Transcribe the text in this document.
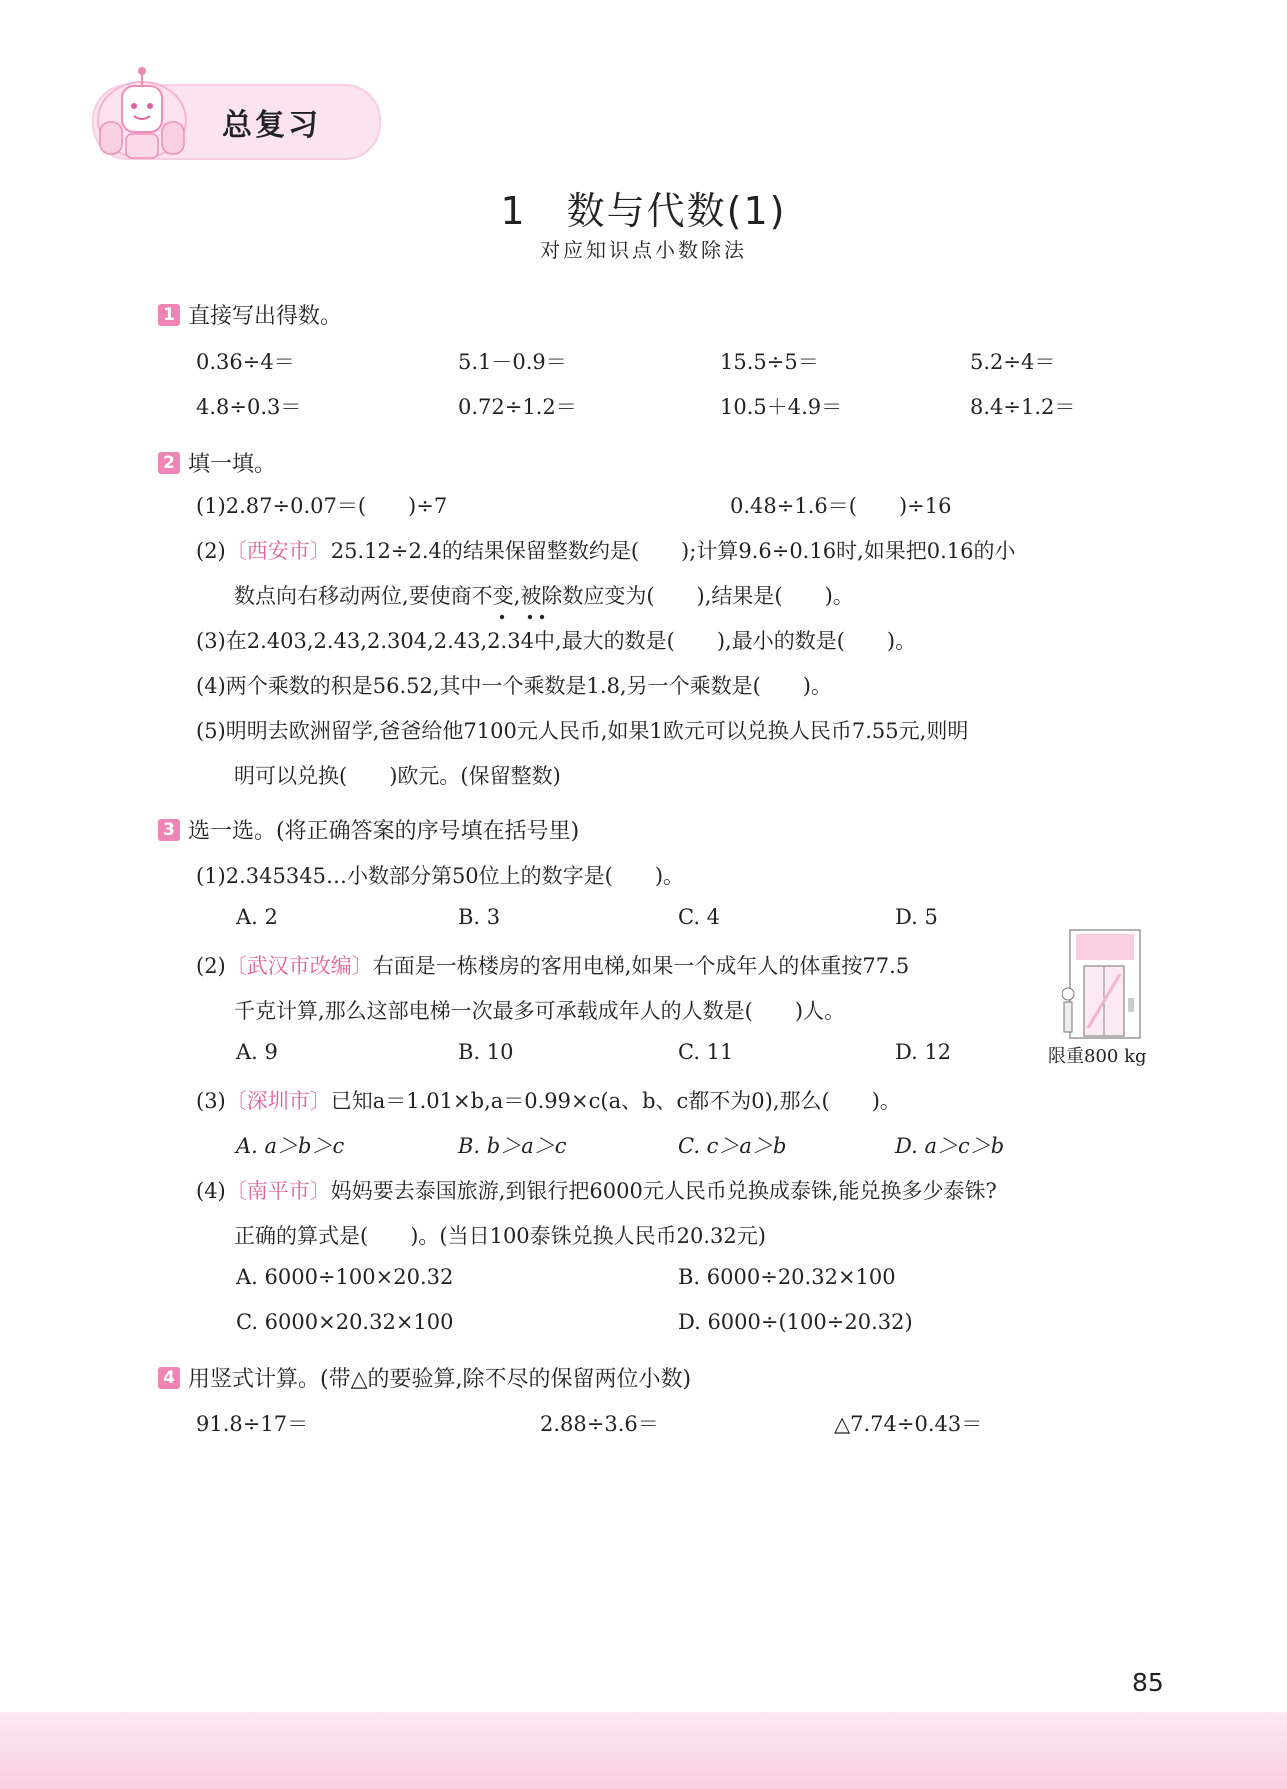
总复习
1　数与代数(1)
对应知识点小数除法
1 直接写出得数。
0.36÷4＝	5.1－0.9＝	15.5÷5＝	5.2÷4＝
4.8÷0.3＝	0.72÷1.2＝	10.5＋4.9＝	8.4÷1.2＝
2 填一填。
(1)2.87÷0.07＝(　　)÷7	0.48÷1.6＝(　　)÷16
(2)〔西安市〕25.12÷2.4的结果保留整数约是(　　);计算9.6÷0.16时,如果把0.16的小
数点向右移动两位,要使商不变,被除数应变为(　　),结果是(　　)。
(3)在2.403,2.43,2.304,2.43,2.34中,最大的数是(　　),最小的数是(　　)。
(4)两个乘数的积是56.52,其中一个乘数是1.8,另一个乘数是(　　)。
(5)明明去欧洲留学,爸爸给他7100元人民币,如果1欧元可以兑换人民币7.55元,则明
明可以兑换(　　)欧元。(保留整数)
3 选一选。(将正确答案的序号填在括号里)
(1)2.345345…小数部分第50位上的数字是(　　)。
A. 2	B. 3	C. 4	D. 5
(2)〔武汉市改编〕右面是一栋楼房的客用电梯,如果一个成年人的体重按77.5
千克计算,那么这部电梯一次最多可承载成年人的人数是(　　)人。
A. 9	B. 10	C. 11	D. 12	限重800 kg
(3)〔深圳市〕已知a＝1.01×b,a＝0.99×c(a、b、c都不为0),那么(　　)。
A. a＞b＞c	B. b＞a＞c	C. c＞a＞b	D. a＞c＞b
(4)〔南平市〕妈妈要去泰国旅游,到银行把6000元人民币兑换成泰铢,能兑换多少泰铢?
正确的算式是(　　)。(当日100泰铢兑换人民币20.32元)
A. 6000÷100×20.32	B. 6000÷20.32×100
C. 6000×20.32×100	D. 6000÷(100÷20.32)
4 用竖式计算。(带△的要验算,除不尽的保留两位小数)
91.8÷17＝	2.88÷3.6＝	△7.74÷0.43＝
85
